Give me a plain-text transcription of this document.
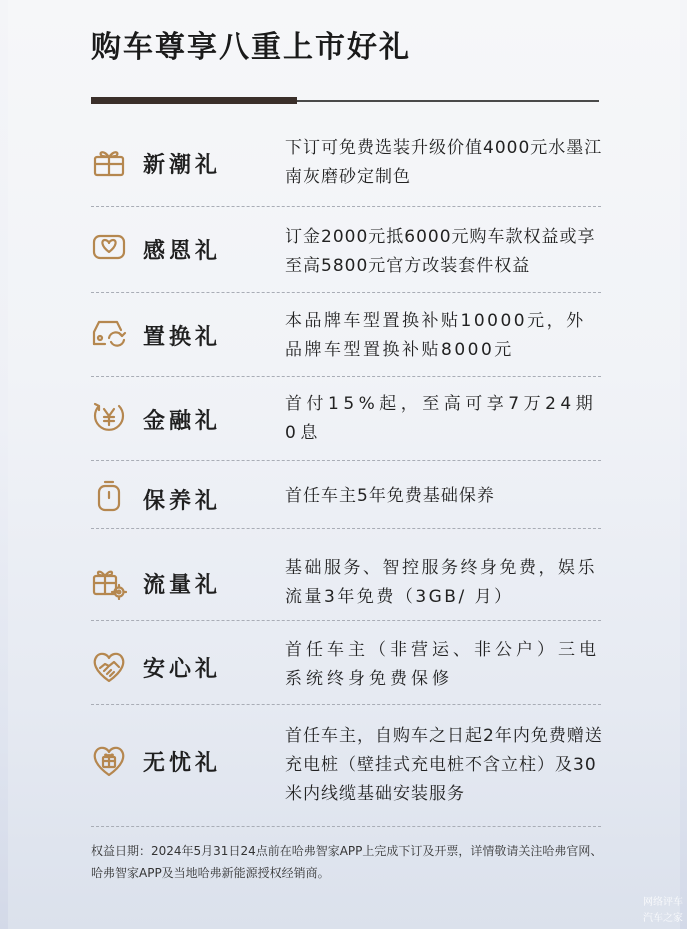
购车尊享八重上市好礼
新潮礼
下订可免费选装升级价值4000元水墨江南灰磨砂定制色
感恩礼
订金2000元抵6000元购车款权益或享至高5800元官方改装套件权益
置换礼
本品牌车型置换补贴10000元，外品牌车型置换补贴8000元
金融礼
首付15%起，至高可享7万24期0息
保养礼	首任车主5年免费基础保养
流量礼
基础服务、智控服务终身免费，娱乐流量3年免费（3GB/ 月）
安心礼
首任车主（非营运、非公户）三电系统终身免费保修
无忧礼
首任车主，自购车之日起2年内免费赠送充电桩（壁挂式充电桩不含立柱）及30米内线缆基础安装服务
权益日期：2024年5月31日24点前在哈弗智家APP上完成下订及开票，详情敬请关注哈弗官网、哈弗智家APP及当地哈弗新能源授权经销商。
网络评车
汽车之家
